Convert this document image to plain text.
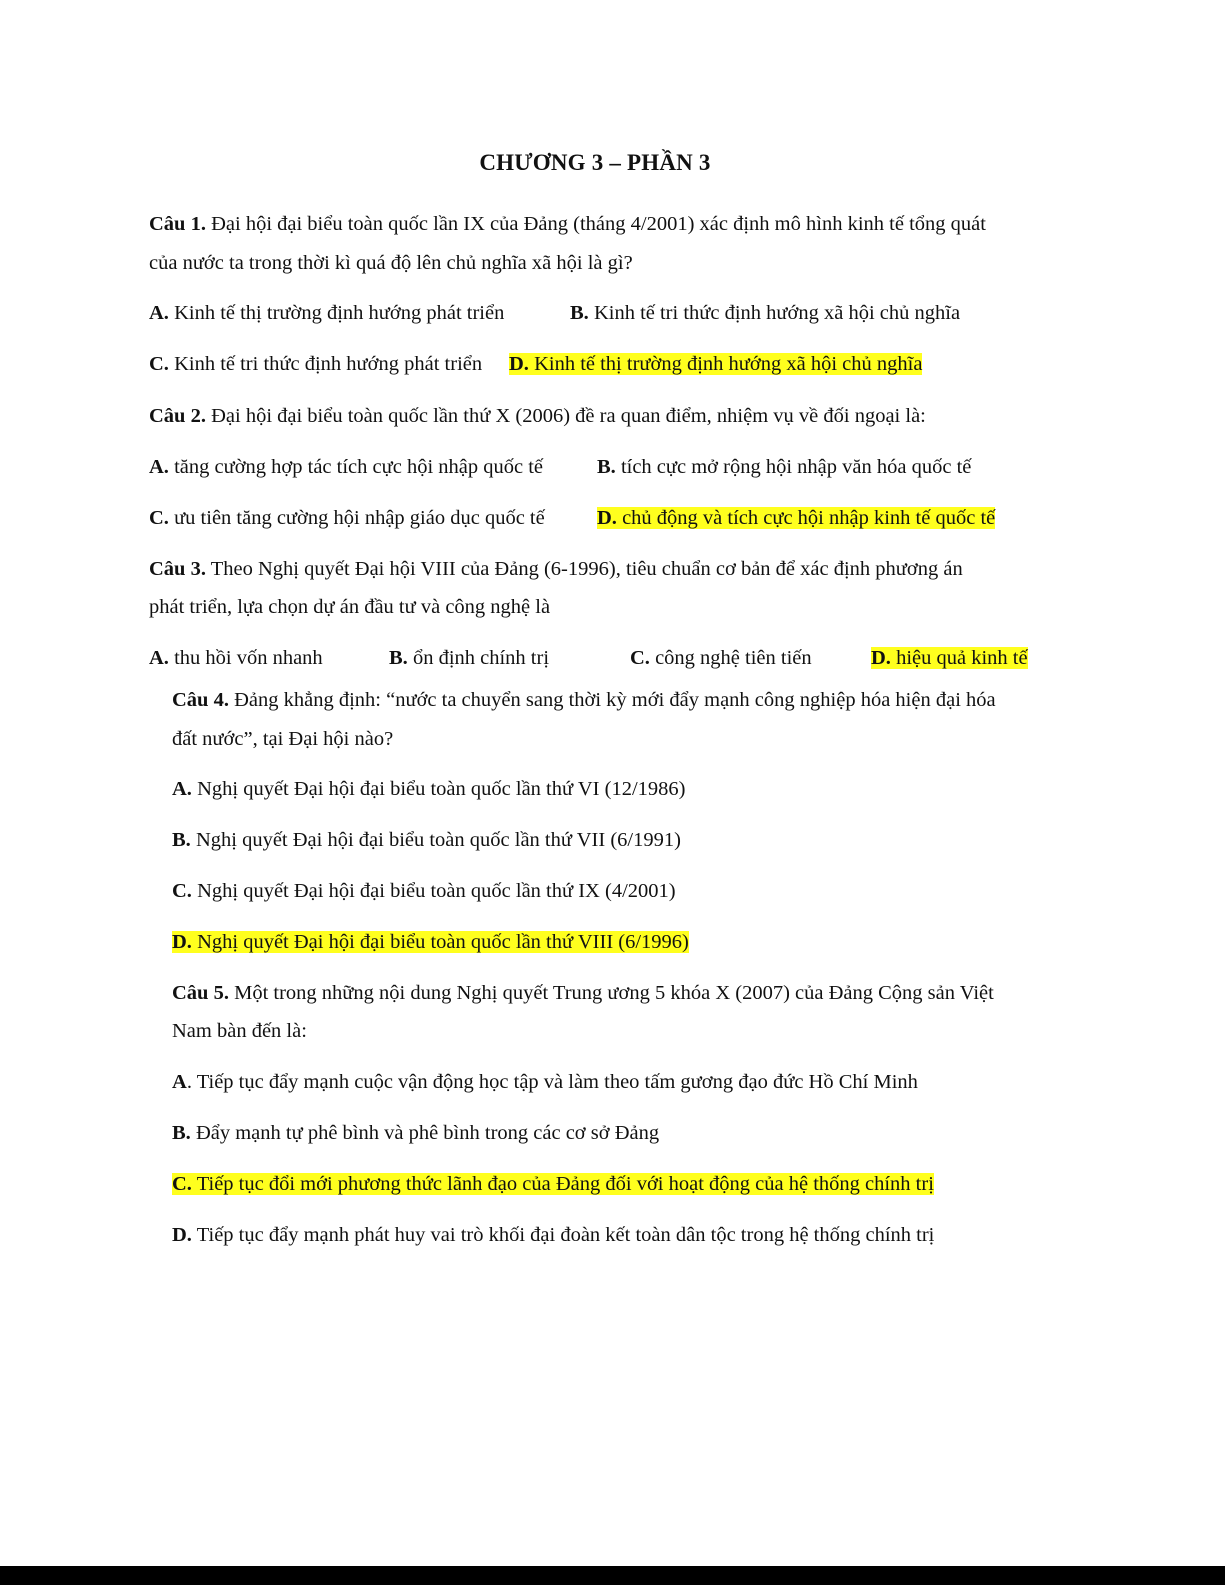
CHƯƠNG 3 – PHẦN 3
Câu 1. Đại hội đại biểu toàn quốc lần IX của Đảng (tháng 4/2001) xác định mô hình kinh tế tổng quát
của nước ta trong thời kì quá độ lên chủ nghĩa xã hội là gì?
A. Kinh tế thị trường định hướng phát triển	B. Kinh tế tri thức định hướng xã hội chủ nghĩa
C. Kinh tế tri thức định hướng phát triển D. Kinh tế thị trường định hướng xã hội chủ nghĩa
Câu 2. Đại hội đại biểu toàn quốc lần thứ X (2006) đề ra quan điểm, nhiệm vụ về đối ngoại là:
A. tăng cường hợp tác tích cực hội nhập quốc tế	B. tích cực mở rộng hội nhập văn hóa quốc tế
C. ưu tiên tăng cường hội nhập giáo dục quốc tế	D. chủ động và tích cực hội nhập kinh tế quốc tế
Câu 3. Theo Nghị quyết Đại hội VIII của Đảng (6-1996), tiêu chuẩn cơ bản để xác định phương án
phát triển, lựa chọn dự án đầu tư và công nghệ là
A. thu hồi vốn nhanh	B. ổn định chính trị	C. công nghệ tiên tiến	D. hiệu quả kinh tế
Câu 4. Đảng khẳng định: “nước ta chuyển sang thời kỳ mới đẩy mạnh công nghiệp hóa hiện đại hóa
đất nước”, tại Đại hội nào?
A. Nghị quyết Đại hội đại biểu toàn quốc lần thứ VI (12/1986)
B. Nghị quyết Đại hội đại biểu toàn quốc lần thứ VII (6/1991)
C. Nghị quyết Đại hội đại biểu toàn quốc lần thứ IX (4/2001)
D. Nghị quyết Đại hội đại biểu toàn quốc lần thứ VIII (6/1996)
Câu 5. Một trong những nội dung Nghị quyết Trung ương 5 khóa X (2007) của Đảng Cộng sản Việt
Nam bàn đến là:
A. Tiếp tục đẩy mạnh cuộc vận động học tập và làm theo tấm gương đạo đức Hồ Chí Minh
B. Đẩy mạnh tự phê bình và phê bình trong các cơ sở Đảng
C. Tiếp tục đổi mới phương thức lãnh đạo của Đảng đối với hoạt động của hệ thống chính trị
D. Tiếp tục đẩy mạnh phát huy vai trò khối đại đoàn kết toàn dân tộc trong hệ thống chính trị
